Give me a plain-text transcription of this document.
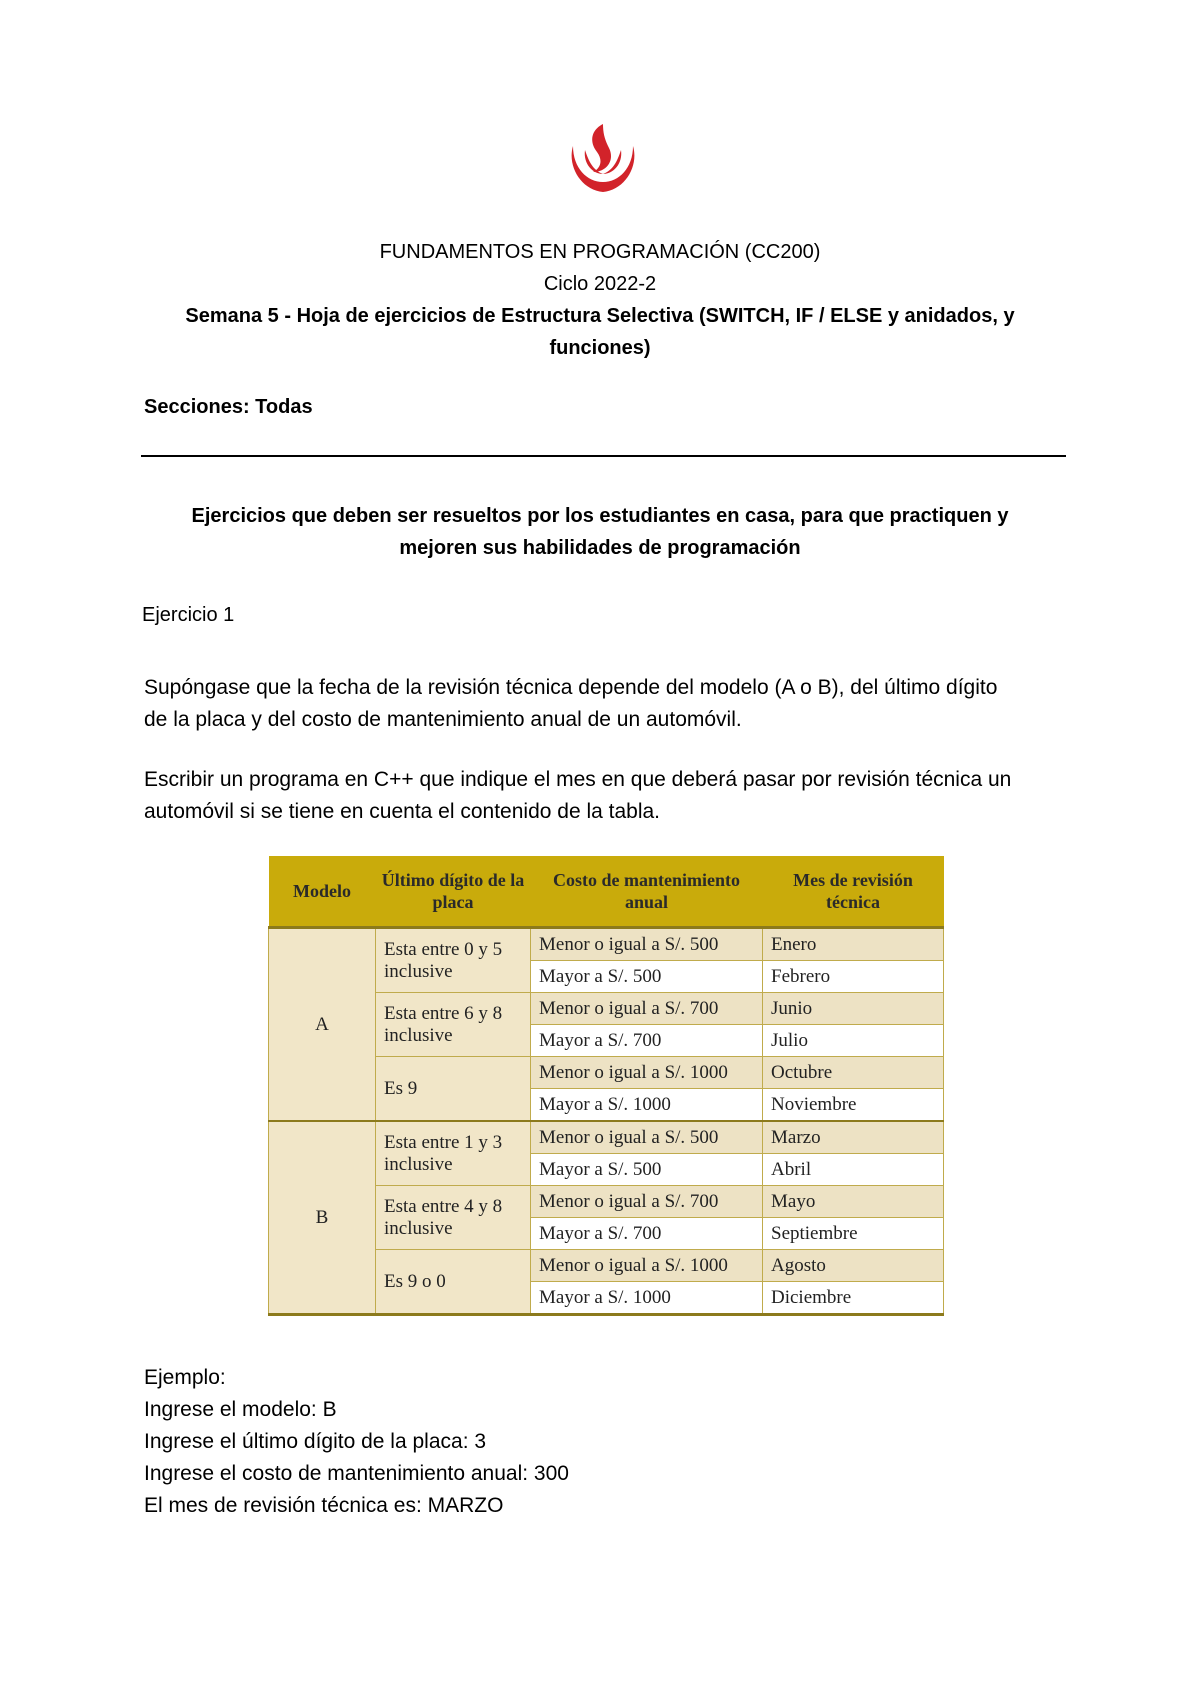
FUNDAMENTOS EN PROGRAMACIÓN (CC200)
Ciclo 2022-2
Semana 5 - Hoja de ejercicios de Estructura Selectiva (SWITCH, IF / ELSE y anidados, y
funciones)
Secciones: Todas
Ejercicios que deben ser resueltos por los estudiantes en casa, para que practiquen y
mejoren sus habilidades de programación
Ejercicio 1
Supóngase que la fecha de la revisión técnica depende del modelo (A o B), del último dígito
de la placa y del costo de mantenimiento anual de un automóvil.
Escribir un programa en C++ que indique el mes en que deberá pasar por revisión técnica un
automóvil si se tiene en cuenta el contenido de la tabla.
Modelo	Último dígito de la placa	Costo de mantenimiento anual	Mes de revisión técnica
A	Esta entre 0 y 5 inclusive	Menor o igual a S/. 500	Enero
		Mayor a S/. 500	Febrero
	Esta entre 6 y 8 inclusive	Menor o igual a S/. 700	Junio
		Mayor a S/. 700	Julio
	Es 9	Menor o igual a S/. 1000	Octubre
		Mayor a S/. 1000	Noviembre
B	Esta entre 1 y 3 inclusive	Menor o igual a S/. 500	Marzo
		Mayor a S/. 500	Abril
	Esta entre 4 y 8 inclusive	Menor o igual a S/. 700	Mayo
		Mayor a S/. 700	Septiembre
	Es 9 o 0	Menor o igual a S/. 1000	Agosto
		Mayor a S/. 1000	Diciembre
Ejemplo:
Ingrese el modelo: B
Ingrese el último dígito de la placa: 3
Ingrese el costo de mantenimiento anual: 300
El mes de revisión técnica es: MARZO
